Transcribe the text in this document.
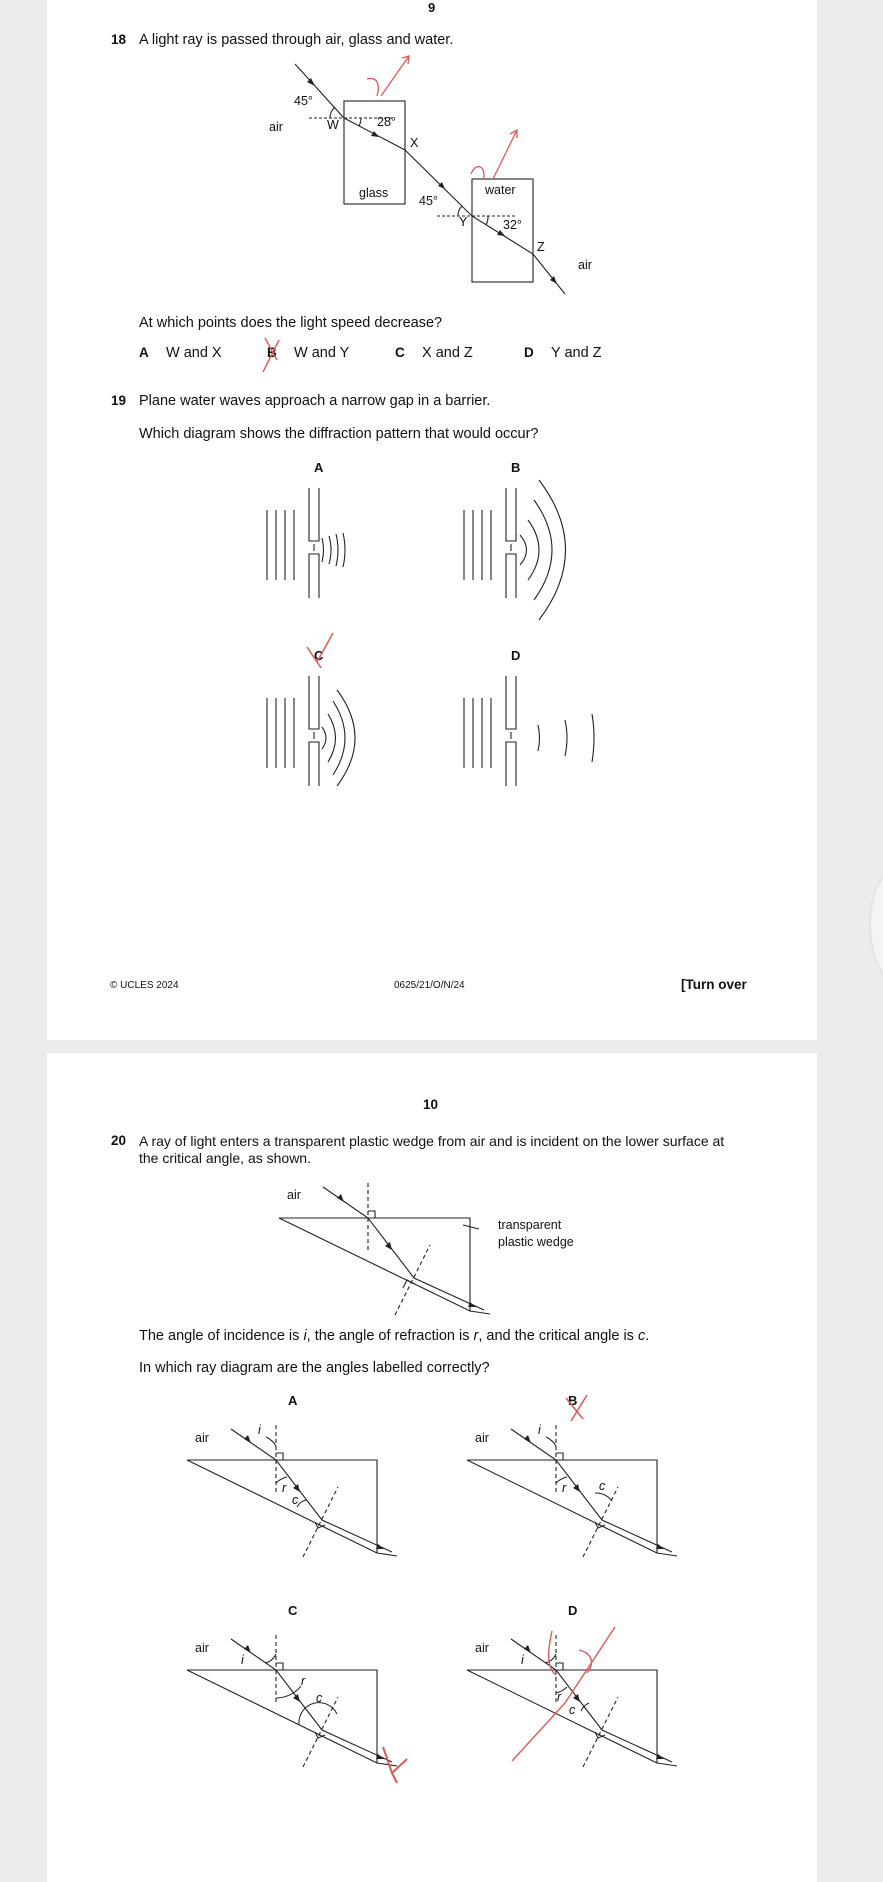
9
18 A light ray is passed through air, glass and water.
45°
air	W	28°
X
glass	water
45°
Y	32°
Z
air
At which points does the light speed decrease?
A W and X	B W and Y	C X and Z	D Y and Z
19 Plane water waves approach a narrow gap in a barrier.
Which diagram shows the diffraction pattern that would occur?
A	B
C	D
© UCLES 2024	0625/21/O/N/24	[Turn over
10
20 A ray of light enters a transparent plastic wedge from air and is incident on the lower surface at
the critical angle, as shown.
air
transparent
plastic wedge
The angle of incidence is i, the angle of refraction is r, and the critical angle is c.
In which ray diagram are the angles labelled correctly?
A	B
C	D
air
i
r
c
air
i
r	c
air
i
r
c
air
i
r
c
